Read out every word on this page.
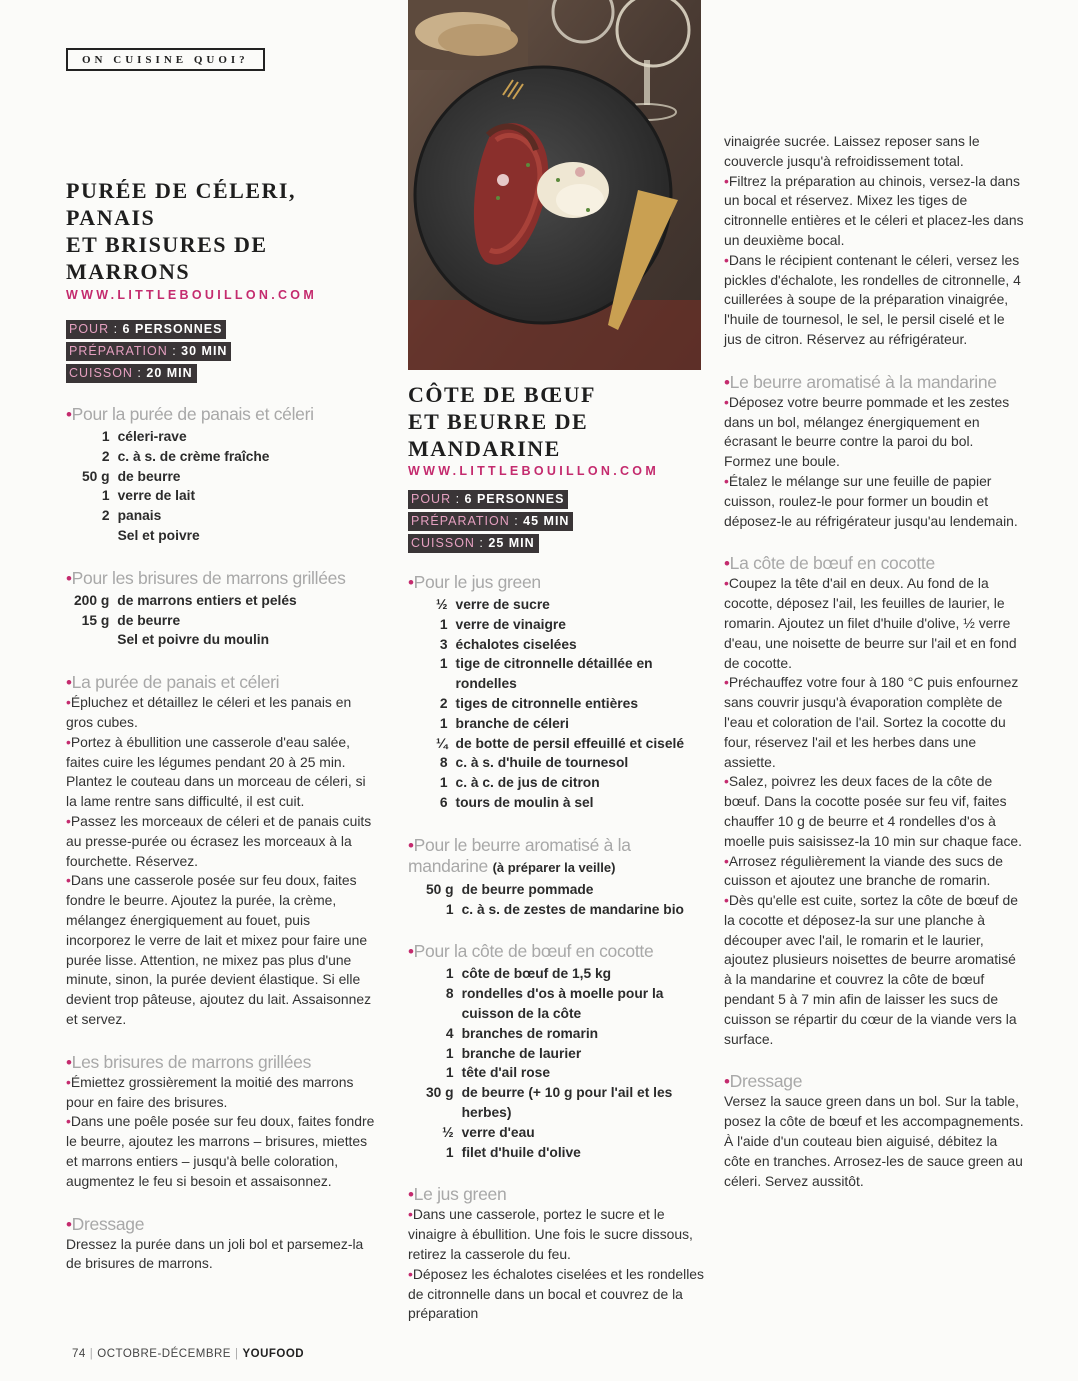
ON CUISINE QUOI?
PURÉE DE CÉLERI,
PANAIS
ET BRISURES DE
MARRONS
WWW.LITTLEBOUILLON.COM
POUR : 6 PERSONNES
PRÉPARATION : 30 MIN
CUISSON : 20 MIN
•Pour la purée de panais et céleri
1	céleri-rave
2	c. à s. de crème fraîche
50 g	de beurre
1	verre de lait
2	panais
	Sel et poivre
•Pour les brisures de marrons grillées
200 g	de marrons entiers et pelés
15 g	de beurre
	Sel et poivre du moulin
•La purée de panais et céleri

•Épluchez et détaillez le céleri et les panais en gros cubes.

•Portez à ébullition une casserole d'eau salée, faites cuire les légumes pendant 20 à 25 min. Plantez le couteau dans un morceau de céleri, si la lame rentre sans difficulté, il est cuit.

•Passez les morceaux de céleri et de panais cuits au presse-purée ou écrasez les morceaux à la fourchette. Réservez.

•Dans une casserole posée sur feu doux, faites fondre le beurre. Ajoutez la purée, la crème, mélangez énergiquement au fouet, puis incorporez le verre de lait et mixez pour faire une purée lisse. Attention, ne mixez pas plus d'une minute, sinon, la purée devient élastique. Si elle devient trop pâteuse, ajoutez du lait. Assaisonnez et servez.

•Les brisures de marrons grillées

•Émiettez grossièrement la moitié des marrons pour en faire des brisures.

•Dans une poêle posée sur feu doux, faites fondre le beurre, ajoutez les marrons – brisures, miettes et marrons entiers – jusqu'à belle coloration, augmentez le feu si besoin et assaisonnez.

•Dressage

Dressez la purée dans un joli bol et parsemez-la de brisures de marrons.

CÔTE DE BŒUF
ET BEURRE DE
MANDARINE
WWW.LITTLEBOUILLON.COM
POUR : 6 PERSONNES
PRÉPARATION : 45 MIN
CUISSON : 25 MIN
•Pour le jus green
½	verre de sucre
1	verre de vinaigre
3	échalotes ciselées
1	tige de citronnelle détaillée en rondelles
2	tiges de citronnelle entières
1	branche de céleri
¼	de botte de persil effeuillé et ciselé
8	c. à s. d'huile de tournesol
1	c. à c. de jus de citron
6	tours de moulin à sel
•Pour le beurre aromatisé à la mandarine (à préparer la veille)
50 g	de beurre pommade
1	c. à s. de zestes de mandarine bio
•Pour la côte de bœuf en cocotte
1	côte de bœuf de 1,5 kg
8	rondelles d'os à moelle pour la cuisson de la côte
4	branches de romarin
1	branche de laurier
1	tête d'ail rose
30 g	de beurre (+ 10 g pour l'ail et les herbes)
½	verre d'eau
1	filet d'huile d'olive
•Le jus green

•Dans une casserole, portez le sucre et le vinaigre à ébullition. Une fois le sucre dissous, retirez la casserole du feu.

•Déposez les échalotes ciselées et les rondelles de citronnelle dans un bocal et couvrez de la préparation

vinaigrée sucrée. Laissez reposer sans le couvercle jusqu'à refroidissement total.

•Filtrez la préparation au chinois, versez-la dans un bocal et réservez. Mixez les tiges de citronnelle entières et le céleri et placez-les dans un deuxième bocal.

•Dans le récipient contenant le céleri, versez les pickles d'échalote, les rondelles de citronnelle, 4 cuillerées à soupe de la préparation vinaigrée, l'huile de tournesol, le sel, le persil ciselé et le jus de citron. Réservez au réfrigérateur.

•Le beurre aromatisé à la mandarine

•Déposez votre beurre pommade et les zestes dans un bol, mélangez énergiquement en écrasant le beurre contre la paroi du bol. Formez une boule.

•Étalez le mélange sur une feuille de papier cuisson, roulez-le pour former un boudin et déposez-le au réfrigérateur jusqu'au lendemain.

•La côte de bœuf en cocotte

•Coupez la tête d'ail en deux. Au fond de la cocotte, déposez l'ail, les feuilles de laurier, le romarin. Ajoutez un filet d'huile d'olive, ½ verre d'eau, une noisette de beurre sur l'ail et en fond de cocotte.

•Préchauffez votre four à 180 °C puis enfournez sans couvrir jusqu'à évaporation complète de l'eau et coloration de l'ail. Sortez la cocotte du four, réservez l'ail et les herbes dans une assiette.

•Salez, poivrez les deux faces de la côte de bœuf. Dans la cocotte posée sur feu vif, faites chauffer 10 g de beurre et 4 rondelles d'os à moelle puis saisissez-la 10 min sur chaque face.

•Arrosez régulièrement la viande des sucs de cuisson et ajoutez une branche de romarin.

•Dès qu'elle est cuite, sortez la côte de bœuf de la cocotte et déposez-la sur une planche à découper avec l'ail, le romarin et le laurier, ajoutez plusieurs noisettes de beurre aromatisé à la mandarine et couvrez la côte de bœuf pendant 5 à 7 min afin de laisser les sucs de cuisson se répartir du cœur de la viande vers la surface.

•Dressage

Versez la sauce green dans un bol. Sur la table, posez la côte de bœuf et les accompagnements. À l'aide d'un couteau bien aiguisé, débitez la côte en tranches. Arrosez-les de sauce green au céleri. Servez aussitôt.

74 | OCTOBRE-DÉCEMBRE | YOUFOOD
